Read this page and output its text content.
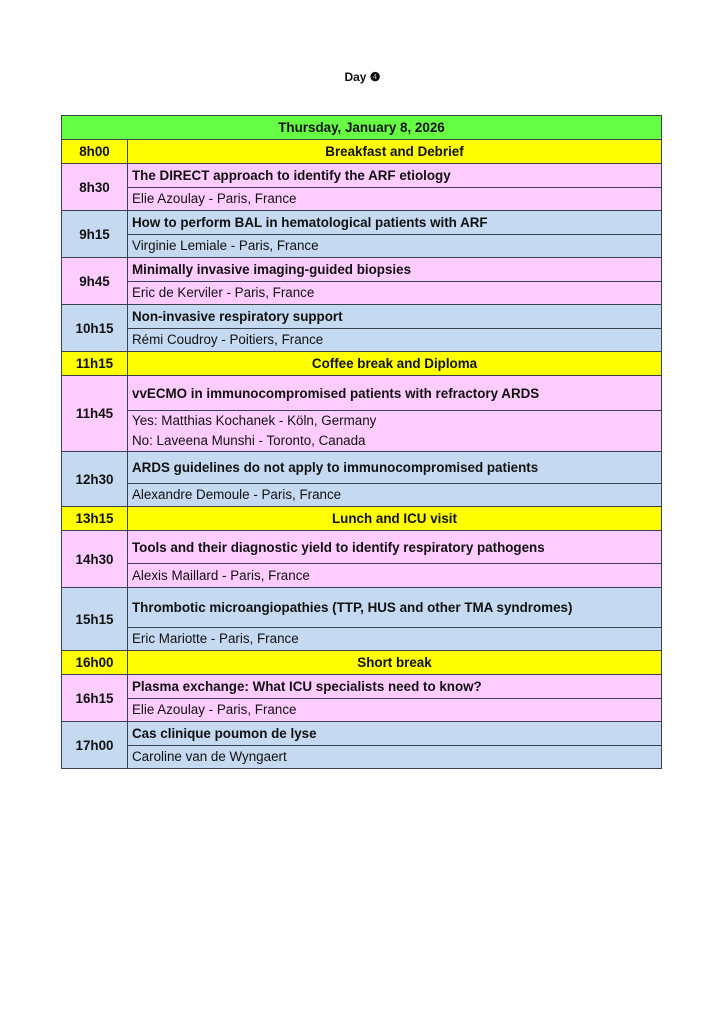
Day ❹
Thursday, January 8, 2026	
8h00	Breakfast and Debrief
8h30	The DIRECT approach to identify the ARF etiology

	Elie Azoulay - Paris, France

9h15	How to perform BAL in hematological patients with ARF

	Virginie Lemiale - Paris, France

9h45	Minimally invasive imaging-guided biopsies

	Eric de Kerviler - Paris, France

10h15	Non-invasive respiratory support

	Rémi Coudroy - Poitiers, France

11h15	Coffee break and Diploma
11h45	vvECMO in immunocompromised patients with refractory ARDS

	Yes: Matthias Kochanek - Köln, Germany
No: Laveena Munshi - Toronto, Canada

12h30	ARDS guidelines do not apply to immunocompromised patients

	Alexandre Demoule - Paris, France

13h15	Lunch and ICU visit
14h30	Tools and their diagnostic yield to identify respiratory pathogens

	Alexis Maillard - Paris, France

15h15	Thrombotic microangiopathies (TTP, HUS and other TMA syndromes)

	Eric Mariotte - Paris, France

16h00	Short break
16h15	Plasma exchange: What ICU specialists need to know?

	Elie Azoulay - Paris, France

17h00	Cas clinique poumon de lyse

	Caroline van de Wyngaert
